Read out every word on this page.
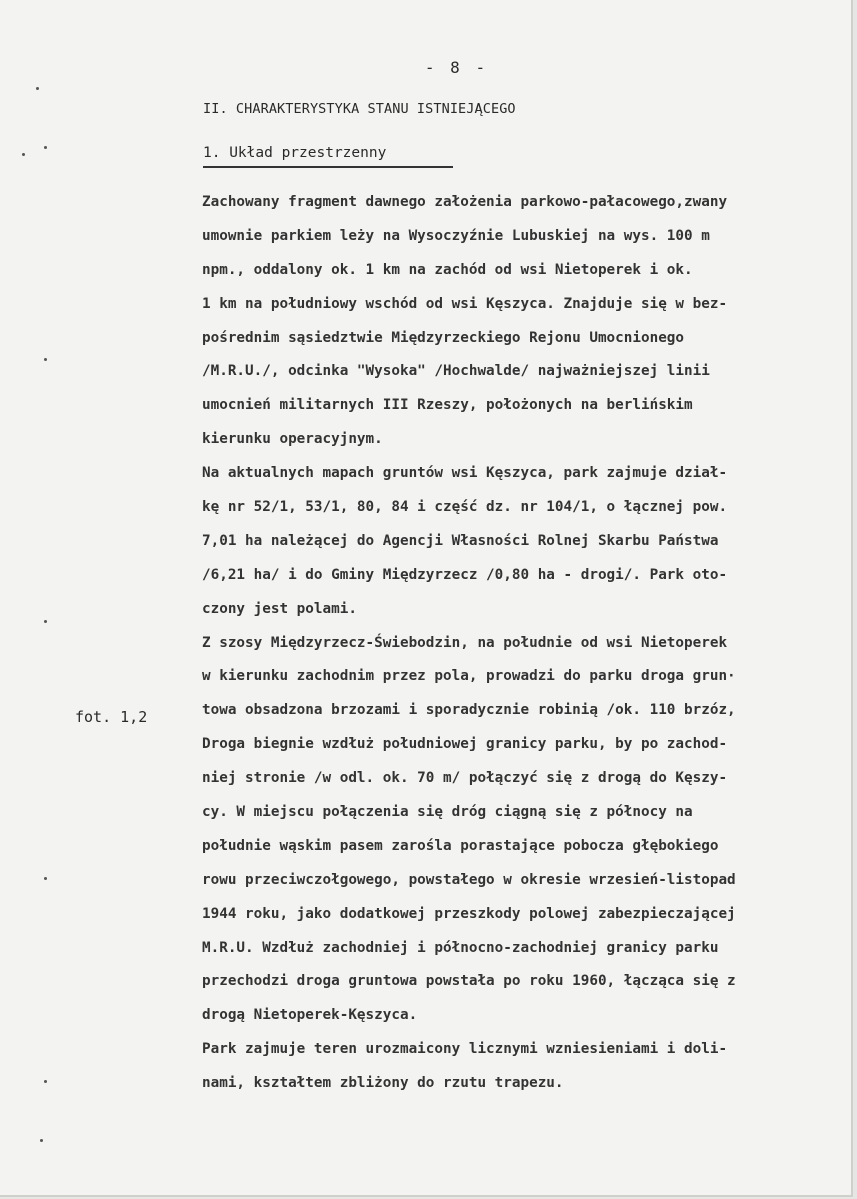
- 8 -
II. CHARAKTERYSTYKA STANU ISTNIEJĄCEGO
1. Układ przestrzenny
fot. 1,2
Zachowany fragment dawnego założenia parkowo-pałacowego,zwany
umownie parkiem leży na Wysoczyźnie Lubuskiej na wys. 100 m
npm., oddalony ok. 1 km na zachód od wsi Nietoperek i ok.
1 km na południowy wschód od wsi Kęszyca. Znajduje się w bez-
pośrednim sąsiedztwie Międzyrzeckiego Rejonu Umocnionego
/M.R.U./, odcinka "Wysoka" /Hochwalde/ najważniejszej linii
umocnień militarnych III Rzeszy, położonych na berlińskim
kierunku operacyjnym.
Na aktualnych mapach gruntów wsi Kęszyca, park zajmuje dział-
kę nr 52/1, 53/1, 80, 84 i część dz. nr 104/1, o łącznej pow.
7,01 ha należącej do Agencji Własności Rolnej Skarbu Państwa
/6,21 ha/ i do Gminy Międzyrzecz /0,80 ha - drogi/. Park oto-
czony jest polami.
Z szosy Międzyrzecz-Świebodzin, na południe od wsi Nietoperek
w kierunku zachodnim przez pola, prowadzi do parku droga grun·
towa obsadzona brzozami i sporadycznie robinią /ok. 110 brzóz,
Droga biegnie wzdłuż południowej granicy parku, by po zachod-
niej stronie /w odl. ok. 70 m/ połączyć się z drogą do Kęszy-
cy. W miejscu połączenia się dróg ciągną się z północy na
południe wąskim pasem zarośla porastające pobocza głębokiego
rowu przeciwczołgowego, powstałego w okresie wrzesień-listopad
1944 roku, jako dodatkowej przeszkody polowej zabezpieczającej
M.R.U. Wzdłuż zachodniej i północno-zachodniej granicy parku
przechodzi droga gruntowa powstała po roku 1960, łącząca się z
drogą Nietoperek-Kęszyca.
Park zajmuje teren urozmaicony licznymi wzniesieniami i doli-
nami, kształtem zbliżony do rzutu trapezu.
